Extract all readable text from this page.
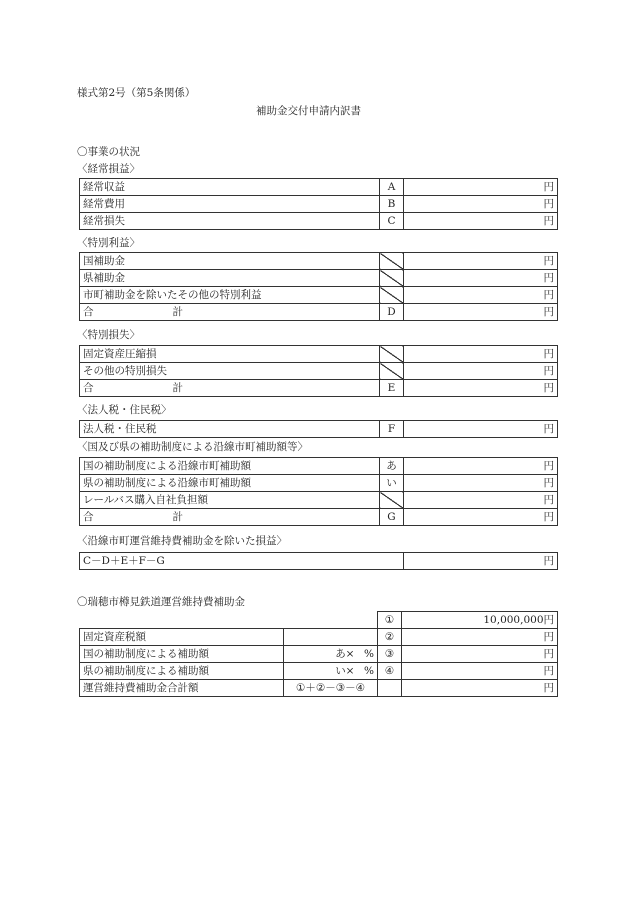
様式第2号（第5条関係）
補助金交付申請内訳書
〇事業の状況
〈経常損益〉
経常収益	A	円
経常費用	B	円
経常損失	C	円
〈特別利益〉
国補助金		円
県補助金		円
市町補助金を除いたその他の特別利益		円

合 計	D	円
〈特別損失〉
固定資産圧縮損		円
その他の特別損失		円

合 計	E	円
〈法人税・住民税〉
法人税・住民税	F	円
〈国及び県の補助制度による沿線市町補助額等〉
国の補助制度による沿線市町補助額	あ	円
県の補助制度による沿線市町補助額	い	円
レールバス購入自社負担額		円

合 計	G	円
〈沿線市町運営維持費補助金を除いた損益〉
C－D＋E＋F－G	円
〇瑞穂市樽見鉄道運営維持費補助金
			①	10,000,000円
固定資産税額			②	円
国の補助制度による補助額	あ×	%	③	円
県の補助制度による補助額	い×	%	④	円
運営維持費補助金合計額	①＋②－③－④			円
